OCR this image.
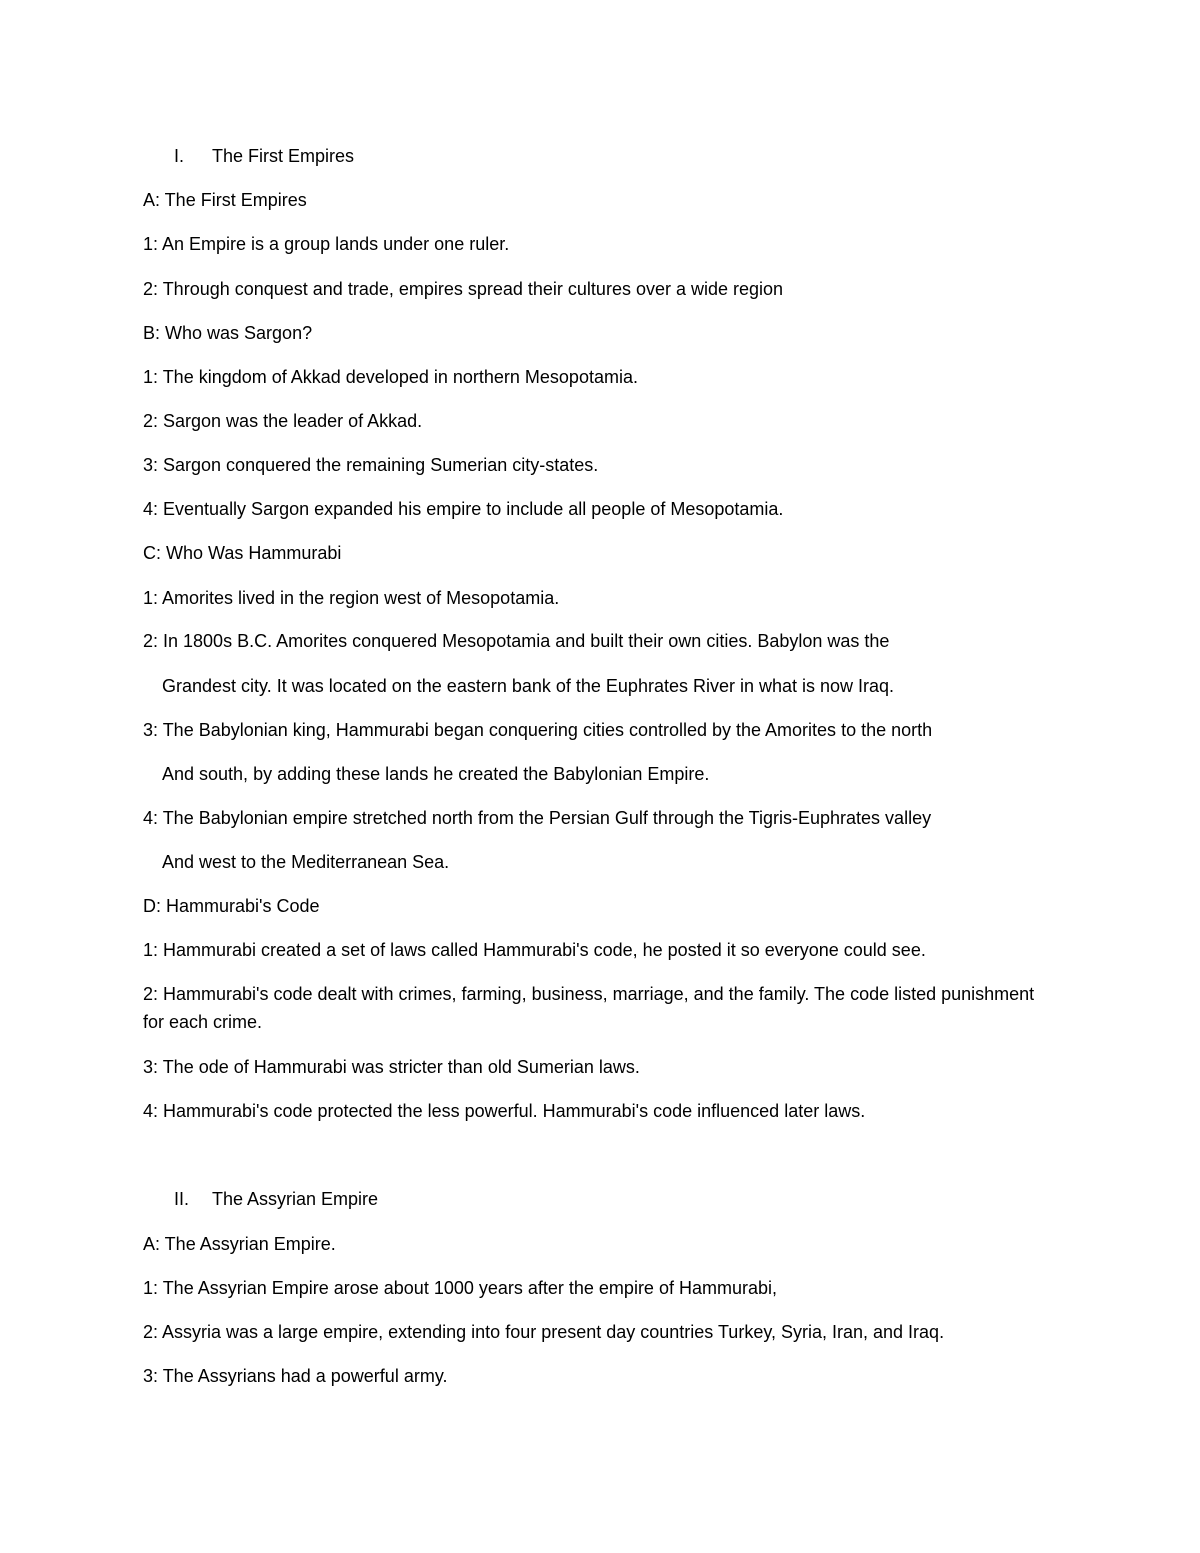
I. The First Empires
A: The First Empires
1: An Empire is a group lands under one ruler.
2: Through conquest and trade, empires spread their cultures over a wide region
B: Who was Sargon?
1: The kingdom of Akkad developed in northern Mesopotamia.
2: Sargon was the leader of Akkad.
3: Sargon conquered the remaining Sumerian city-states.
4: Eventually Sargon expanded his empire to include all people of Mesopotamia.
C: Who Was Hammurabi
1: Amorites lived in the region west of Mesopotamia.
2: In 1800s B.C. Amorites conquered Mesopotamia and built their own cities. Babylon was the
Grandest city. It was located on the eastern bank of the Euphrates River in what is now Iraq.
3: The Babylonian king, Hammurabi began conquering cities controlled by the Amorites to the north
And south, by adding these lands he created the Babylonian Empire.
4: The Babylonian empire stretched north from the Persian Gulf through the Tigris-Euphrates valley
And west to the Mediterranean Sea.
D: Hammurabi's Code
1: Hammurabi created a set of laws called Hammurabi's code, he posted it so everyone could see.
2: Hammurabi's code dealt with crimes, farming, business, marriage, and the family. The code listed punishment for each crime.
3: The ode of Hammurabi was stricter than old Sumerian laws.
4: Hammurabi's code protected the less powerful. Hammurabi's code influenced later laws.
II. The Assyrian Empire
A: The Assyrian Empire.
1: The Assyrian Empire arose about 1000 years after the empire of Hammurabi,
2: Assyria was a large empire, extending into four present day countries Turkey, Syria, Iran, and Iraq.
3: The Assyrians had a powerful army.
